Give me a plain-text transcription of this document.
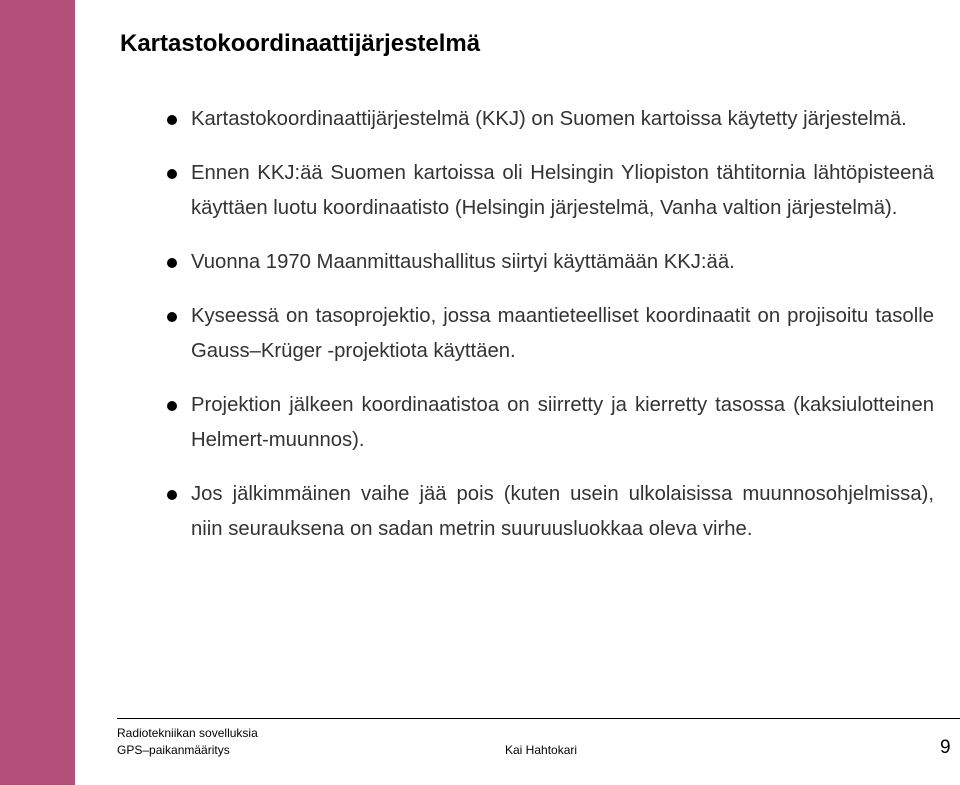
Kartastokoordinaattijärjestelmä
Kartastokoordinaattijärjestelmä (KKJ) on Suomen kartoissa käytetty järjestelmä.
Ennen KKJ:ää Suomen kartoissa oli Helsingin Yliopiston tähtitornia lähtöpisteenä käyttäen luotu koordinaatisto (Helsingin järjestelmä, Vanha valtion järjestelmä).
Vuonna 1970 Maanmittaushallitus siirtyi käyttämään KKJ:ää.
Kyseessä on tasoprojektio, jossa maantieteelliset koordinaatit on projisoitu tasolle Gauss–Krüger -projektiota käyttäen.
Projektion jälkeen koordinaatistoa on siirretty ja kierretty tasossa (kaksiulotteinen Helmert-muunnos).
Jos jälkimmäinen vaihe jää pois (kuten usein ulkolaisissa muunnosohjelmissa), niin seurauksena on sadan metrin suuruusluokkaa oleva virhe.
Radiotekniikan sovelluksia
GPS–paikanmääritys	Kai Hahtokari	9
